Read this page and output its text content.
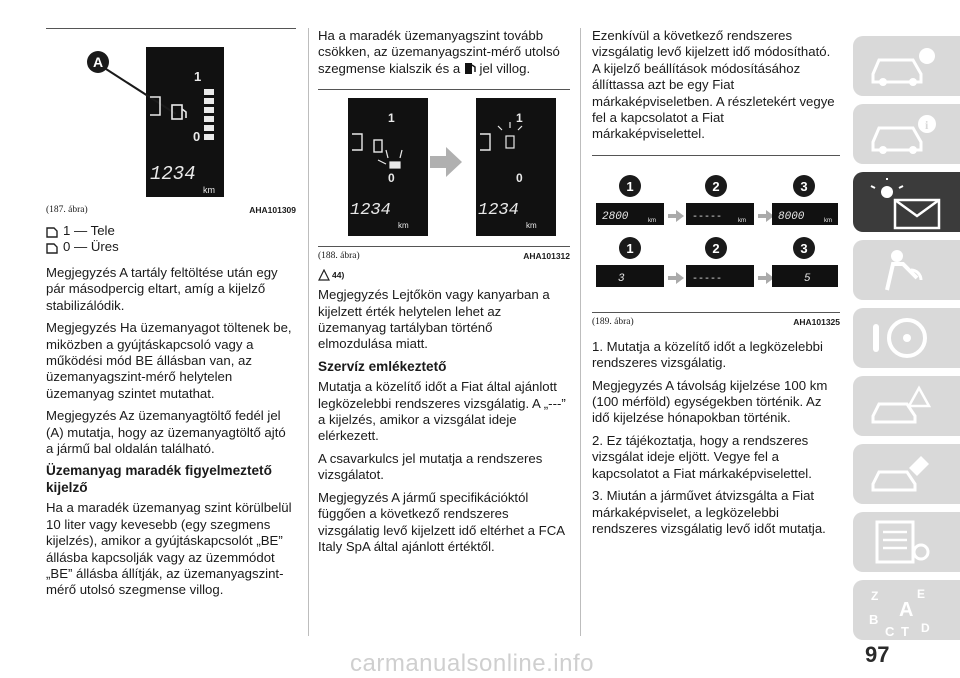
A
1
0
1234
km
(187. ábra)	AHA101309
1 — Tele
0 — Üres

Megjegyzés A tartály feltöltése után egy pár másodpercig eltart, amíg a kijelző stabilizálódik.

Megjegyzés Ha üzemanyagot töltenek be, miközben a gyújtáskapcsoló vagy a működési mód BE állásban van, az üzemanyagszint-mérő helytelen üzemanyag szintet mutathat.

Megjegyzés Az üzemanyagtöltő fedél jel (A) mutatja, hogy az üzemanyagtöltő ajtó a jármű bal oldalán található.

Üzemanyag maradék figyelmeztető kijelző

Ha a maradék üzemanyag szint körülbelül 10 liter vagy kevesebb (egy szegmens kijelzés), amikor a gyújtáskapcsolót „BE” állásba kapcsolják vagy az üzemmódot „BE” állásba állítják, az üzemanyagszint-mérő utolsó szegmense villog.

Ha a maradék üzemanyagszint tovább csökken, az üzemanyagszint-mérő utolsó szegmense kialszik és a jel villog.

1
0
1234
km
1
0
1234
km
(188. ábra)	AHA101312
44)

Megjegyzés Lejtőkön vagy kanyarban a kijelzett érték helytelen lehet az üzemanyag tartályban történő elmozdulása miatt.

Szervíz emlékeztető

Mutatja a közelítő időt a Fiat által ajánlott legközelebbi rendszeres vizsgálatig. A „---” a kijelzés, amikor a vizsgálat ideje elérkezett.

A csavarkulcs jel mutatja a rendszeres vizsgálatot.

Megjegyzés A jármű specifikációktól függően a következő rendszeres vizsgálatig levő kijelzett idő eltérhet a FCA Italy SpA által ajánlott értéktől.

Ezenkívül a következő rendszeres vizsgálatig levő kijelzett idő módosítható. A kijelző beállítások módosításához állíttassa azt be egy Fiat márkaképviseletben. A részletekért vegye fel a kapcsolatot a Fiat márkaképviselettel.

1	2	3
2800	km	-----	km	8000	km
1	2	3
3	-----	5
(189. ábra)	AHA101325

1. Mutatja a közelítő időt a legközelebbi rendszeres vizsgálatig.

Megjegyzés A távolság kijelzése 100 km (100 mérföld) egységekben történik. Az idő kijelzése hónapokban történik.

2. Ez tájékoztatja, hogy a rendszeres vizsgálat ideje eljött. Vegye fel a kapcsolatot a Fiat márkaképviselettel.

3. Miután a járművet átvizsgálta a Fiat márkaképviselet, a legközelebbi rendszeres vizsgálatig levő időt mutatja.

i
Z	E
A
B
C T D
carmanualsonline.info	97
